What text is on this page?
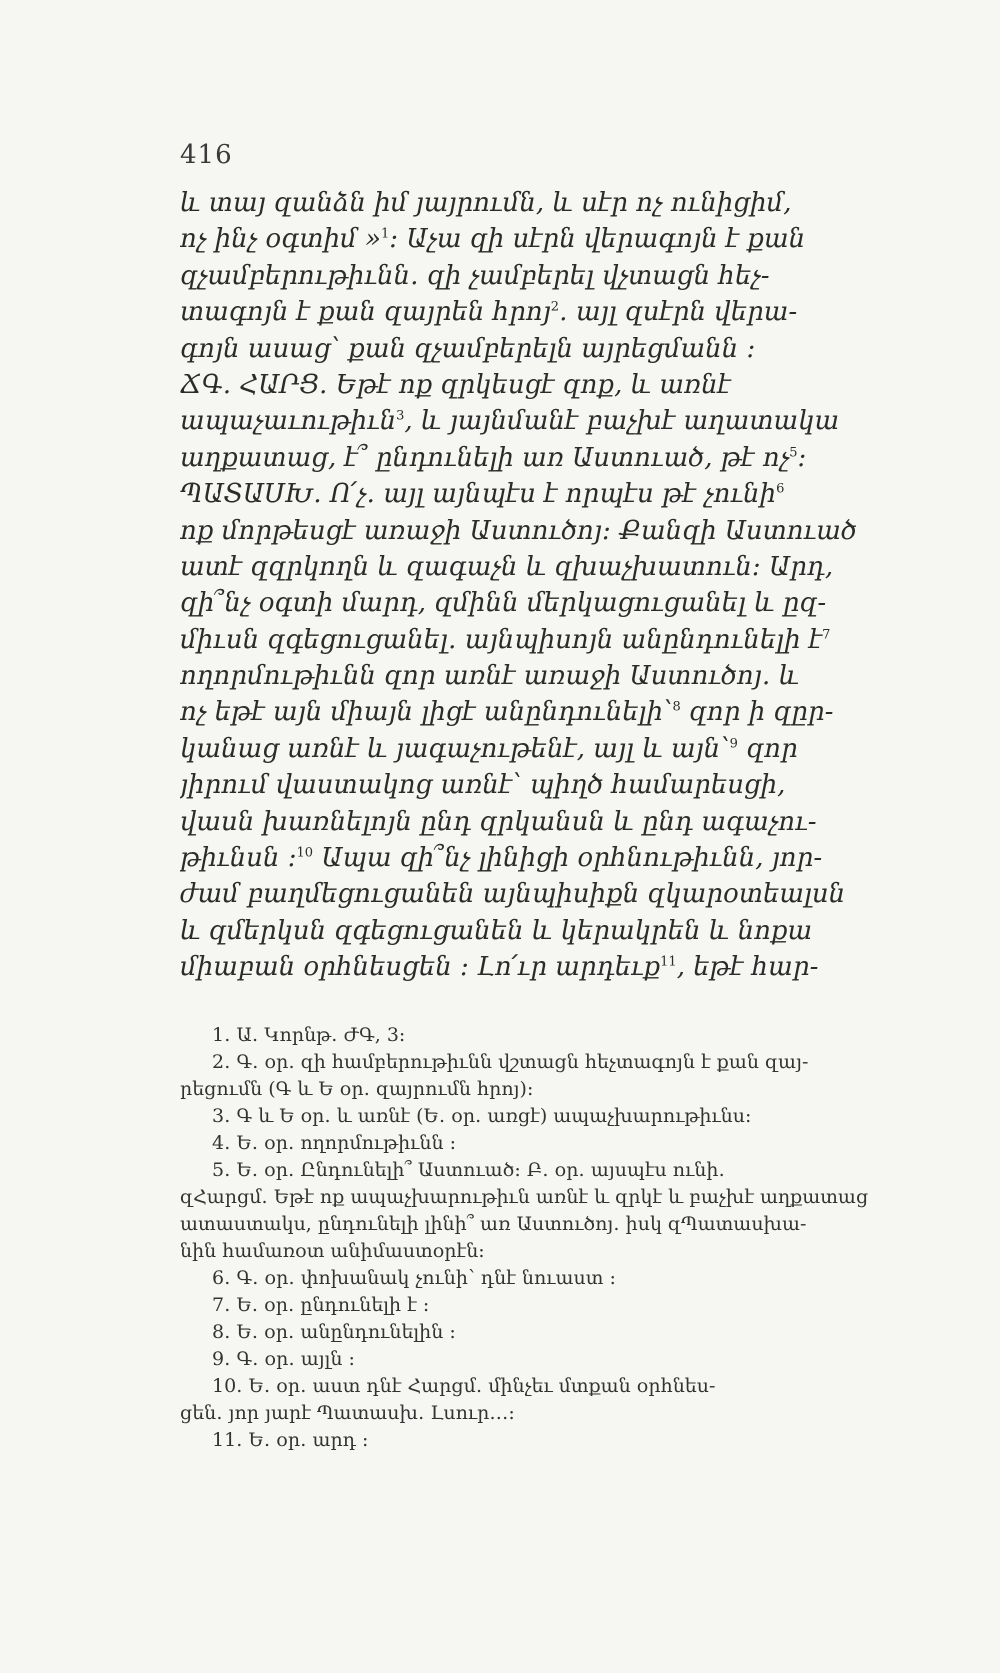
416
և տայ զանձն իմ յայրումն, և սէր ոչ ունիցիմ,
ոչ ինչ օգտիմ »$^1$։ Աչա զի սէրն վերագոյն է քան
զչամբերութիւնն․ զի չամբերել վչտացն հեչ-
տագոյն է քան զայրեն հրոյ$^2$․ այլ զսէրն վերա-
գոյն ասաց՝ քան զչամբերելն այրեցմանն ։
ՃԳ․ ՀԱՐՑ․ Եթէ ոք զրկեսցէ զոք, և առնէ
ապաչաւութիւն$^3$, և յայնմանէ բաչխէ աղատակա
աղքատաց, է՞ ընդունելի առ Աստուած, թէ ոչ$^5$։
ՊԱՏԱՍԽ․ Ո՛չ․ այլ այնպէս է որպէս թէ չունի$^6$
ոք մորթեսցէ առաջի Աստուծոյ։ Քանզի Աստուած
ատէ զզրկողն և զագաչն և զխաչխատուն։ Արդ,
զի՞նչ օգտի մարդ, զմինն մերկացուցանել և ըզ-
միւսն զգեցուցանել․ այնպիսոյն անընդունելի է$^7$
ողորմութիւնն զոր առնէ առաջի Աստուծոյ․ և
ոչ եթէ այն միայն լիցէ անընդունելի՝$^8$ զոր ի զըր-
կանաց առնէ և յագաչութենէ, այլ և այն՝$^9$ զոր
յիրում վաստակոց առնէ՝ պիղծ համարեսցի,
վասն խառնելոյն ընդ զրկանսն և ընդ ագաչու-
թիւնսն ։$^{10}$ Ապա զի՞նչ լինիցի օրհնութիւնն, յոր-
ժամ բաղմեցուցանեն այնպիսիքն զկարօտեալսն
և զմերկսն զգեցուցանեն և կերակրեն և նոքա
միաբան օրհնեսցեն ։ Լո՛ւր արդեւք$^{11}$, եթէ հար-
1․ Ա․ Կորնթ․ ԺԳ, 3։
2․ Գ․ օր․ զի համբերութիւնն վշտացն հեչտագոյն է քան զայ-
րեցումն (Գ և Ե օր․ զայրումն հրոյ)։
3․ Գ և Ե օր․ և առնէ (Ե․ օր․ առցէ) ապաչխարութիւնս։
4․ Ե․ օր․ ողորմութիւնն ։
5․ Ե․ օր․ Ընդունելի՞ Աստուած։ Բ․ օր․ այսպէս ունի․
զՀարցմ․ Եթէ ոք ապաչխարութիւն առնէ և զրկէ և բաչխէ աղքատաց
ատաստակս, ընդունելի լինի՞ առ Աստուծոյ․ իսկ զՊատասխա-
նին համառօտ անիմաստօրէն։
6․ Գ․ օր․ փոխանակ չունի՝ դնէ նուաստ ։
7․ Ե․ օր․ ընդունելի է ։
8․ Ե․ օր․ անընդունելին ։
9․ Գ․ օր․ այլն ։
10․ Ե․ օր․ աստ դնէ Հարցմ․ մինչեւ մտքան օրհնես-
ցեն․ յոր յարէ Պատասխ․ Լսուր․․․։
11․ Ե․ օր․ արդ ։
